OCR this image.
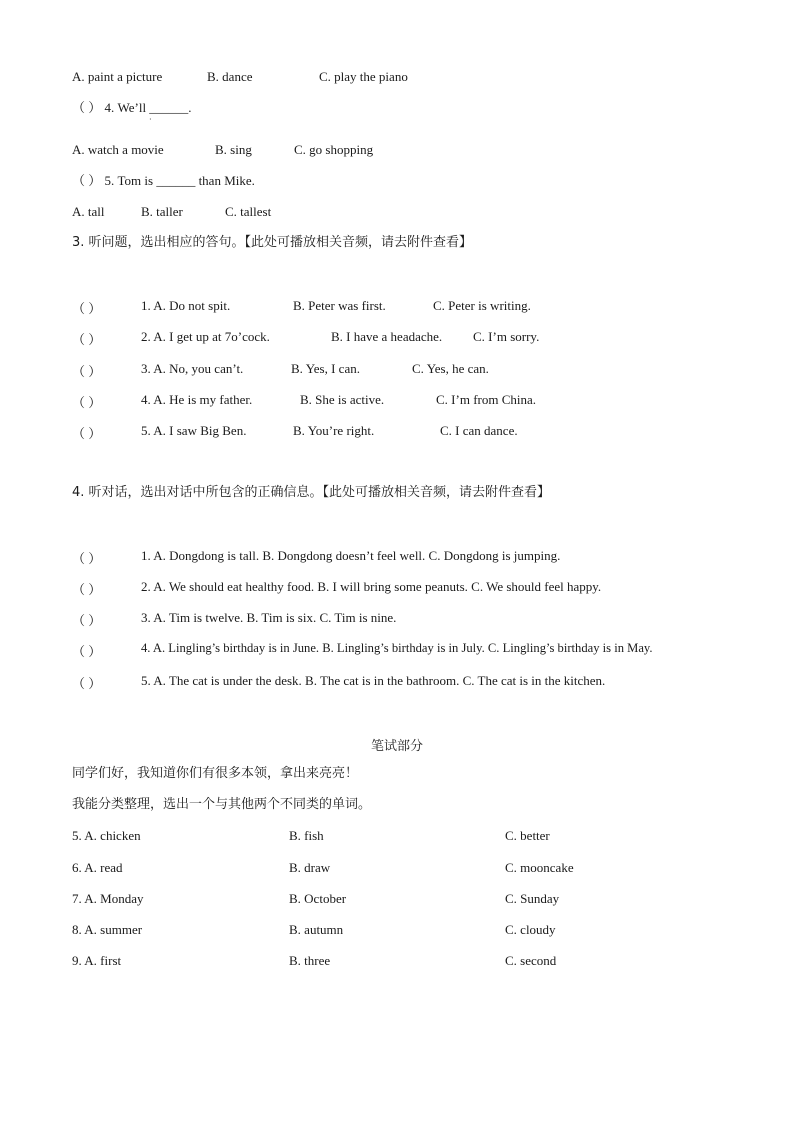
A. paint a picture	B. dance	C. play the piano
（ ） 4. We’ll ______.
·
A. watch a movie	B. sing	C. go shopping
（ ） 5. Tom is ______ than Mike.
A. tall	B. taller	C. tallest
3. 听问题，选出相应的答句。【此处可播放相关音频，请去附件查看】
（ ）	1. A. Do not spit.	B. Peter was first.	C. Peter is writing.
（ ）	2. A. I get up at 7o’cock.	B. I have a headache. C. I’m sorry.
（ ）	3. A. No, you can’t.	B. Yes, I can.	C. Yes, he can.
（ ）	4. A. He is my father.	B. She is active.	C. I’m from China.
（ ）	5. A. I saw Big Ben.	B. You’re right.	C. I can dance.
4. 听对话，选出对话中所包含的正确信息。【此处可播放相关音频，请去附件查看】
（ ）	1. A. Dongdong is tall. B. Dongdong doesn’t feel well. C. Dongdong is jumping.
（ ）	2. A. We should eat healthy food. B. I will bring some peanuts. C. We should feel happy.
（ ）	3. A. Tim is twelve. B. Tim is six. C. Tim is nine.
（ ）	4. A. Lingling’s birthday is in June. B. Lingling’s birthday is in July. C. Lingling’s birthday is in May.
（ ）	5. A. The cat is under the desk. B. The cat is in the bathroom. C. The cat is in the kitchen.
笔试部分
同学们好，我知道你们有很多本领，拿出来亮亮！
我能分类整理，选出一个与其他两个不同类的单词。
5. A. chicken	B. fish	C. better
6. A. read	B. draw	C. mooncake
7. A. Monday	B. October	C. Sunday
8. A. summer	B. autumn	C. cloudy
9. A. first	B. three	C. second
